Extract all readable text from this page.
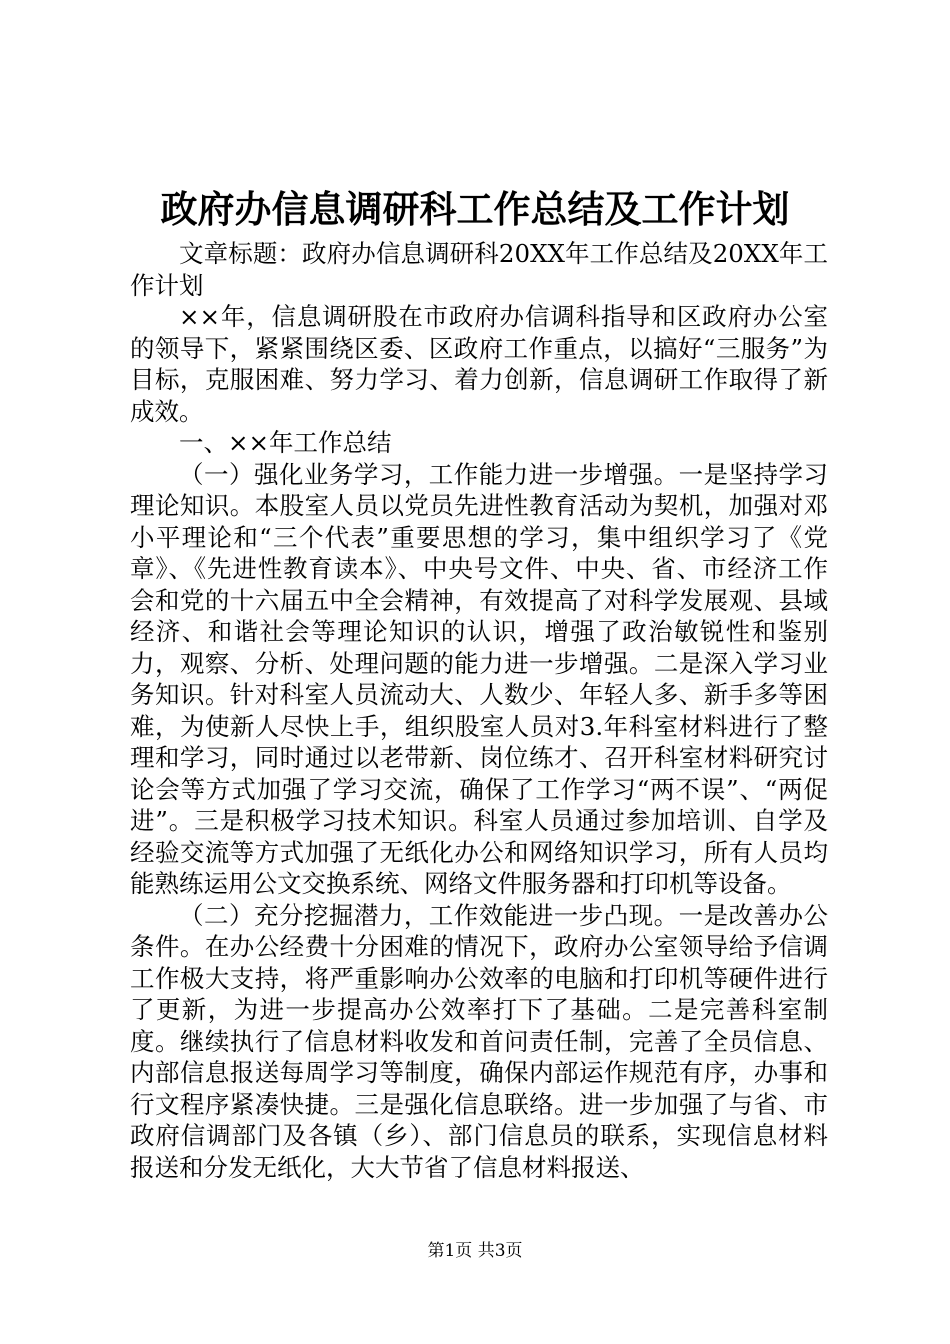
政府办信息调研科工作总结及工作计划

文章标题：政府办信息调研科20XX年工作总结及20XX年工作计划

××年，信息调研股在市政府办信调科指导和区政府办公室的领导下，紧紧围绕区委、区政府工作重点，以搞好“三服务”为目标，克服困难、努力学习、着力创新，信息调研工作取得了新成效。

一、××年工作总结

（一）强化业务学习，工作能力进一步增强。一是坚持学习理论知识。本股室人员以党员先进性教育活动为契机，加强对邓小平理论和“三个代表”重要思想的学习，集中组织学习了《党章》、《先进性教育读本》、中央号文件、中央、省、市经济工作会和党的十六届五中全会精神，有效提高了对科学发展观、县域经济、和谐社会等理论知识的认识，增强了政治敏锐性和鉴别力，观察、分析、处理问题的能力进一步增强。二是深入学习业务知识。针对科室人员流动大、人数少、年轻人多、新手多等困难，为使新人尽快上手，组织股室人员对3.年科室材料进行了整理和学习，同时通过以老带新、岗位练才、召开科室材料研究讨论会等方式加强了学习交流，确保了工作学习“两不误”、“两促进”。三是积极学习技术知识。科室人员通过参加培训、自学及经验交流等方式加强了无纸化办公和网络知识学习，所有人员均能熟练运用公文交换系统、网络文件服务器和打印机等设备。

（二）充分挖掘潜力，工作效能进一步凸现。一是改善办公条件。在办公经费十分困难的情况下，政府办公室领导给予信调工作极大支持，将严重影响办公效率的电脑和打印机等硬件进行了更新，为进一步提高办公效率打下了基础。二是完善科室制度。继续执行了信息材料收发和首问责任制，完善了全员信息、内部信息报送每周学习等制度，确保内部运作规范有序，办事和行文程序紧凑快捷。三是强化信息联络。进一步加强了与省、市政府信调部门及各镇（乡）、部门信息员的联系，实现信息材料报送和分发无纸化，大大节省了信息材料报送、

第1页 共3页
